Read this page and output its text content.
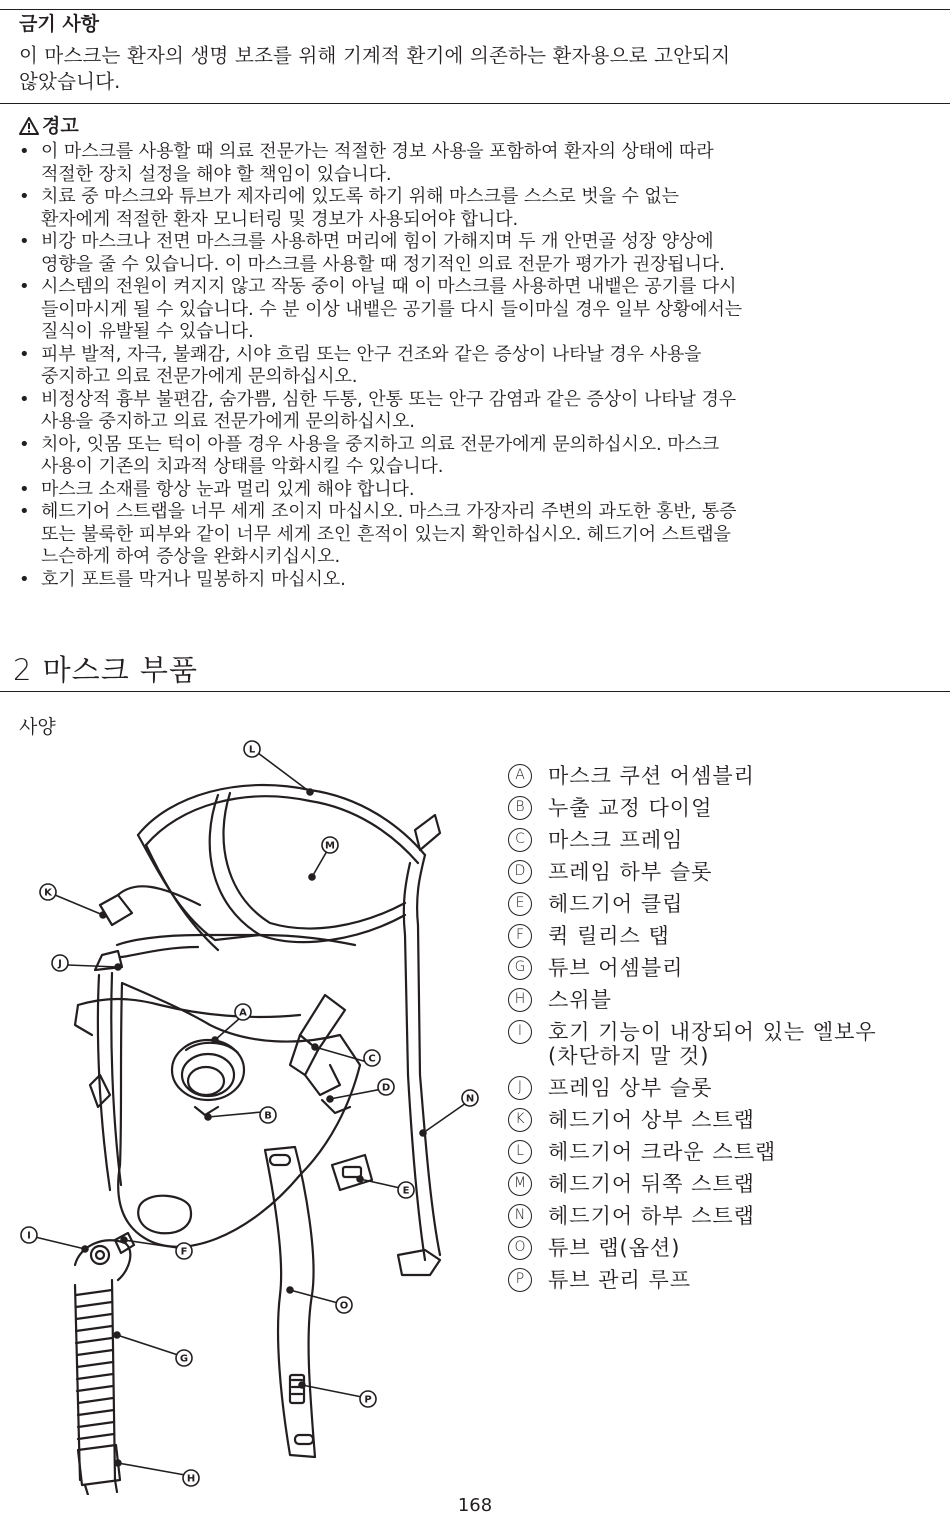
금기 사항
이 마스크는 환자의 생명 보조를 위해 기계적 환기에 의존하는 환자용으로 고안되지
않았습니다.
경고
• 이 마스크를 사용할 때 의료 전문가는 적절한 경보 사용을 포함하여 환자의 상태에 따라
적절한 장치 설정을 해야 할 책임이 있습니다.
• 치료 중 마스크와 튜브가 제자리에 있도록 하기 위해 마스크를 스스로 벗을 수 없는
환자에게 적절한 환자 모니터링 및 경보가 사용되어야 합니다.
• 비강 마스크나 전면 마스크를 사용하면 머리에 힘이 가해지며 두 개 안면골 성장 양상에
영향을 줄 수 있습니다. 이 마스크를 사용할 때 정기적인 의료 전문가 평가가 권장됩니다.
• 시스템의 전원이 켜지지 않고 작동 중이 아닐 때 이 마스크를 사용하면 내뱉은 공기를 다시
들이마시게 될 수 있습니다. 수 분 이상 내뱉은 공기를 다시 들이마실 경우 일부 상황에서는
질식이 유발될 수 있습니다.
• 피부 발적, 자극, 불쾌감, 시야 흐림 또는 안구 건조와 같은 증상이 나타날 경우 사용을
중지하고 의료 전문가에게 문의하십시오.
• 비정상적 흉부 불편감, 숨가쁨, 심한 두통, 안통 또는 안구 감염과 같은 증상이 나타날 경우
사용을 중지하고 의료 전문가에게 문의하십시오.
• 치아, 잇몸 또는 턱이 아플 경우 사용을 중지하고 의료 전문가에게 문의하십시오. 마스크
사용이 기존의 치과적 상태를 악화시킬 수 있습니다.
• 마스크 소재를 항상 눈과 멀리 있게 해야 합니다.
• 헤드기어 스트랩을 너무 세게 조이지 마십시오. 마스크 가장자리 주변의 과도한 홍반, 통증
또는 불룩한 피부와 같이 너무 세게 조인 흔적이 있는지 확인하십시오. 헤드기어 스트랩을
느슨하게 하여 증상을 완화시키십시오.
• 호기 포트를 막거나 밀봉하지 마십시오.
2 마스크 부품
사양
A
B
C
D
E
F
G
H
I
J
K
L
M
N
O
P
A	마스크 쿠션 어셈블리
B	누출 교정 다이얼
C	마스크 프레임
D	프레임 하부 슬롯
E	헤드기어 클립
F	퀵 릴리스 탭
G	튜브 어셈블리
H	스위블
I	호기 기능이 내장되어 있는 엘보우
(차단하지 말 것)
J	프레임 상부 슬롯
K	헤드기어 상부 스트랩
L	헤드기어 크라운 스트랩
M 헤드기어 뒤쪽 스트랩
N	헤드기어 하부 스트랩
O	튜브 랩(옵션)
P	튜브 관리 루프
168
